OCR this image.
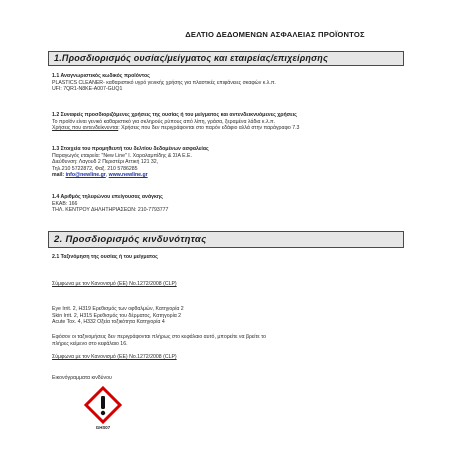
ΔΕΛΤΙΟ ΔΕΔΟΜΕΝΩΝ ΑΣΦΑΛΕΙΑΣ ΠΡΟΪΟΝΤΟΣ
1.Προσδιορισμός ουσίας/μείγματος και εταιρείας/επιχείρησης
1.1 Αναγνωριστικός κωδικός προϊόντος
PLASTICS CLEANER- καθαριστικό υγρό γενικής χρήσης για πλαστικές επιφάνειες σκαφών κ.λ.π.
UFI: 7QR1-N8KE-A007-GUQ1
1.2 Συναφείς προσδιοριζόμενες χρήσεις της ουσίας ή του μείγματος και αντενδεικνυόμενες χρήσεις
Το προϊόν είναι γενικό καθαριστικό για σκληρούς ρύπους από λίπη, γράσα, ξεραμένα λάδια κ.λ.π.
Χρήσεις που αντενδείκνυνται: Χρήσεις που δεν περιγράφονται στο παρόν εδάφιο αλλά στην παράγραφο 7.3
1.3 Στοιχεία του προμηθευτή του δελτίου δεδομένων ασφαλείας
Παραγωγός εταιρεία: "New Line" Ι. Χαραλαμπίδης & ΣΙΑ Ε.Ε.
Διεύθυνση: Λαγουδ 2 Περιστέρι Αττική 121 32,
Τηλ.210 5722872, Φαξ. 210 5786285
mail: info@newline.gr, www.newline.gr
1.4 Αριθμός τηλεφώνου επείγουσας ανάγκης
ΕΚΑΒ: 166
ΤΗΛ. ΚΕΝΤΡΟΥ ΔΗΛΗΤΗΡΙΑΣΕΩΝ: 210-7793777
2. Προσδιορισμός κινδυνότητας
2.1 Ταξινόμηση της ουσίας ή του μείγματος
Σύμφωνα με τον Κανονισμό (ΕΕ) Νο.1272/2008 (CLP)
Eye Irrit. 2, H319 Ερεθισμός των οφθαλμών, Κατηγορία 2
Skin Irrit. 2, H315 Ερεθισμός του δέρματος, Κατηγορία 2
Acute Tox. 4, H332 Οξεία τοξικότητα Κατηγορία 4
Εφόσον οι ταξινομήσεις δεν περιγράφονται πλήρως στο κεφάλαιο αυτό, μπορείτε να βρείτε το
πλήρες κείμενο στο κεφάλαιο 16.
Σύμφωνα με τον Κανονισμό (ΕΕ) Νο.1272/2008 (CLP)
Εικονόγραμματα κινδύνου
GHS07
